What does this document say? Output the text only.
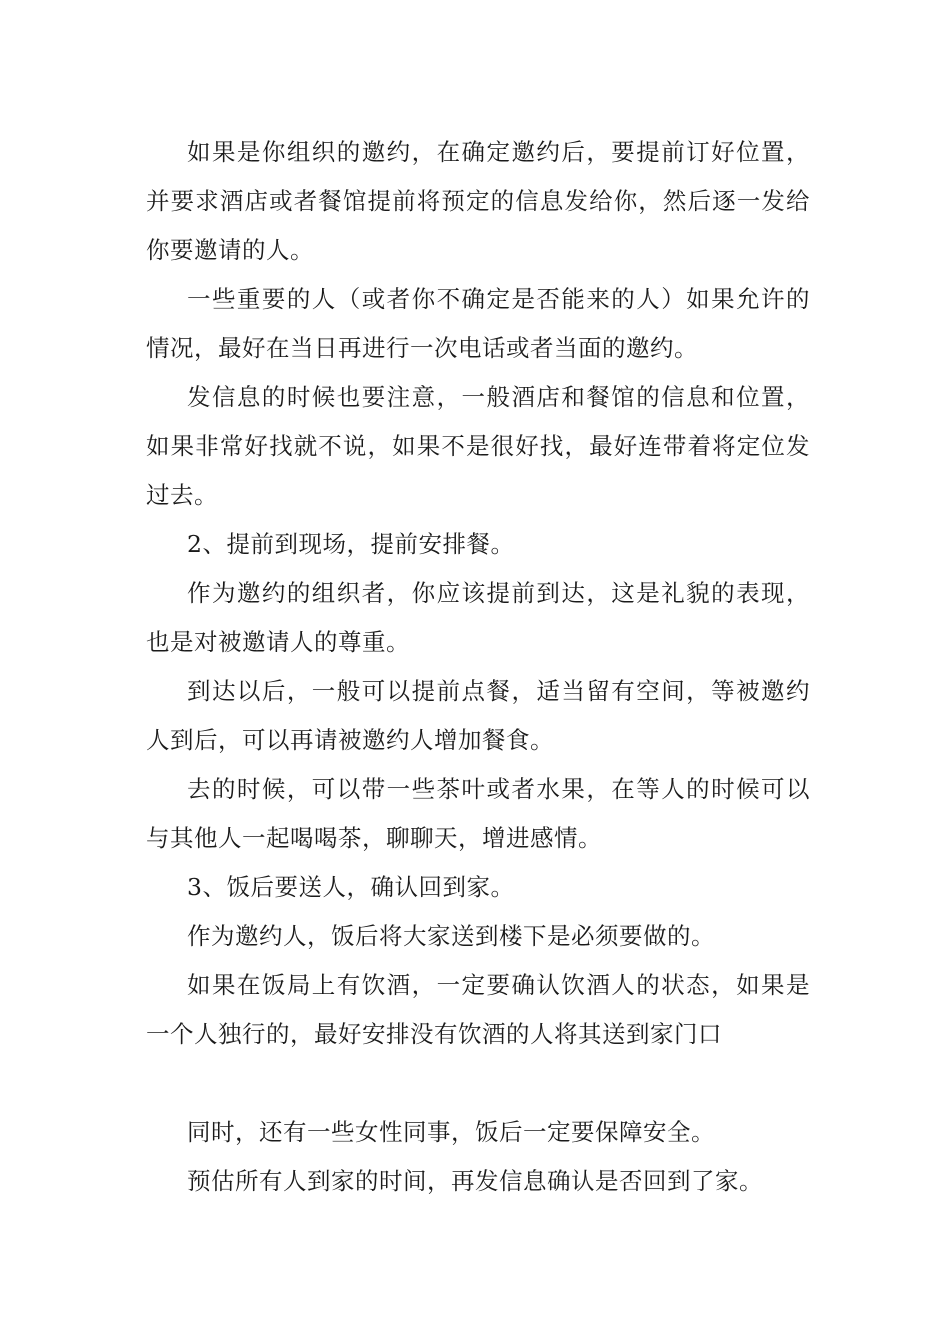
如果是你组织的邀约，在确定邀约后，要提前订好位置，并要求酒店或者餐馆提前将预定的信息发给你，然后逐一发给你要邀请的人。

一些重要的人（或者你不确定是否能来的人）如果允许的情况，最好在当日再进行一次电话或者当面的邀约。

发信息的时候也要注意，一般酒店和餐馆的信息和位置，如果非常好找就不说，如果不是很好找，最好连带着将定位发过去。

2、提前到现场，提前安排餐。

作为邀约的组织者，你应该提前到达，这是礼貌的表现，也是对被邀请人的尊重。

到达以后，一般可以提前点餐，适当留有空间，等被邀约人到后，可以再请被邀约人增加餐食。

去的时候，可以带一些茶叶或者水果，在等人的时候可以与其他人一起喝喝茶，聊聊天，增进感情。

3、饭后要送人，确认回到家。

作为邀约人，饭后将大家送到楼下是必须要做的。

如果在饭局上有饮酒，一定要确认饮酒人的状态，如果是一个人独行的，最好安排没有饮酒的人将其送到家门口

同时，还有一些女性同事，饭后一定要保障安全。

预估所有人到家的时间，再发信息确认是否回到了家。
